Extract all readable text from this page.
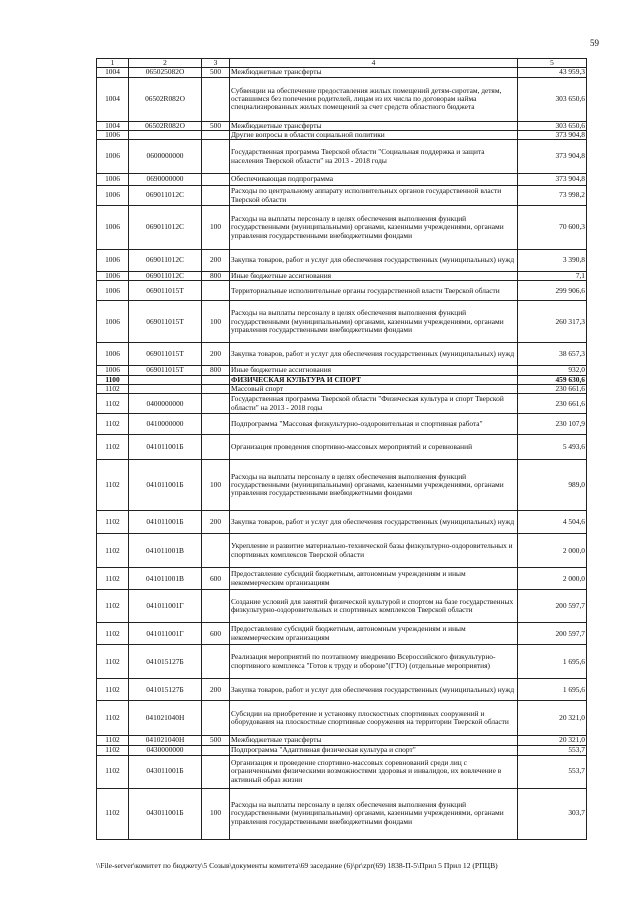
59
1	2	3	4	5
1004	065025082О	500	Межбюджетные трансферты	43 959,3
1004	06502R082О		Субвенции на обеспечение предоставления жилых помещений детям-сиротам, детям, оставшимся без попечения родителей, лицам из их числа по договорам найма специализированных жилых помещений за счет средств областного бюджета	303 650,6
1004	06502R082О	500	Межбюджетные трансферты	303 650,6
1006			Другие вопросы в области социальной политики	373 904,8
1006	0600000000		Государственная программа Тверской области "Социальная поддержка и защита населения Тверской области" на 2013 - 2018 годы	373 904,8
1006	0690000000		Обеспечивающая подпрограмма	373 904,8
1006	069011012С		Расходы по центральному аппарату исполнительных органов государственной власти Тверской области	73 998,2
1006	069011012С	100	Расходы на выплаты персоналу в целях обеспечения выполнения функций государственными (муниципальными) органами, казенными учреждениями, органами управления государственными внебюджетными фондами	70 600,3
1006	069011012С	200	Закупка товаров, работ и услуг для обеспечения государственных (муниципальных) нужд	3 390,8
1006	069011012С	800	Иные бюджетные ассигнования	7,1
1006	069011015Т		Территориальные исполнительные органы государственной власти Тверской области	299 906,6
1006	069011015Т	100	Расходы на выплаты персоналу в целях обеспечения выполнения функций государственными (муниципальными) органами, казенными учреждениями, органами управления государственными внебюджетными фондами	260 317,3
1006	069011015Т	200	Закупка товаров, работ и услуг для обеспечения государственных (муниципальных) нужд	38 657,3
1006	069011015Т	800	Иные бюджетные ассигнования	932,0
1100			ФИЗИЧЕСКАЯ КУЛЬТУРА И СПОРТ	459 630,6
1102			Массовый спорт	230 661,6
1102	0400000000		Государственная программа Тверской области "Физическая культура и спорт Тверской области" на 2013 - 2018 годы	230 661,6
1102	0410000000		Подпрограмма "Массовая физкультурно-оздоровительная и спортивная работа"	230 107,9
1102	041011001Б		Организация проведения спортивно-массовых мероприятий и соревнований	5 493,6
1102	041011001Б	100	Расходы на выплаты персоналу в целях обеспечения выполнения функций государственными (муниципальными) органами, казенными учреждениями, органами управления государственными внебюджетными фондами	989,0
1102	041011001Б	200	Закупка товаров, работ и услуг для обеспечения государственных (муниципальных) нужд	4 504,6
1102	041011001В		Укрепление и развитие материально-технической базы физкультурно-оздоровительных и спортивных комплексов Тверской области	2 000,0
1102	041011001В	600	Предоставление субсидий бюджетным, автономным учреждениям и иным некоммерческим организациям	2 000,0
1102	041011001Г		Создание условий для занятий физической культурой и спортом на базе государственных физкультурно-оздоровительных и спортивных комплексов Тверской области	200 597,7
1102	041011001Г	600	Предоставление субсидий бюджетным, автономным учреждениям и иным некоммерческим организациям	200 597,7
1102	041015127Б		Реализация мероприятий по поэтапному внедрению Всероссийского физкультурно-спортивного комплекса "Готов к труду и обороне"(ГТО) (отдельные мероприятия)	1 695,6
1102	041015127Б	200	Закупка товаров, работ и услуг для обеспечения государственных (муниципальных) нужд	1 695,6
1102	041021040Н		Субсидии на приобретение и установку плоскостных спортивных сооружений и оборудования на плоскостные спортивные сооружения на территории Тверской области	20 321,0
1102	041021040Н	500	Межбюджетные трансферты	20 321,0
1102	0430000000		Подпрограмма "Адаптивная физическая культура и спорт"	553,7
1102	043011001Б		Организация и проведение спортивно-массовых соревнований среди лиц с ограниченными физическими возможностями здоровья и инвалидов, их вовлечение в активный образ жизни	553,7
1102	043011001Б	100	Расходы на выплаты персоналу в целях обеспечения выполнения функций государственными (муниципальными) органами, казенными учреждениями, органами управления государственными внебюджетными фондами	303,7
\\File-server\комитет по бюджету\5 Созыв\документы комитета\69 заседание (6)\pr\zpr(69) 1838-П-5\Прил 5 Прил 12 (РПЦВ)
